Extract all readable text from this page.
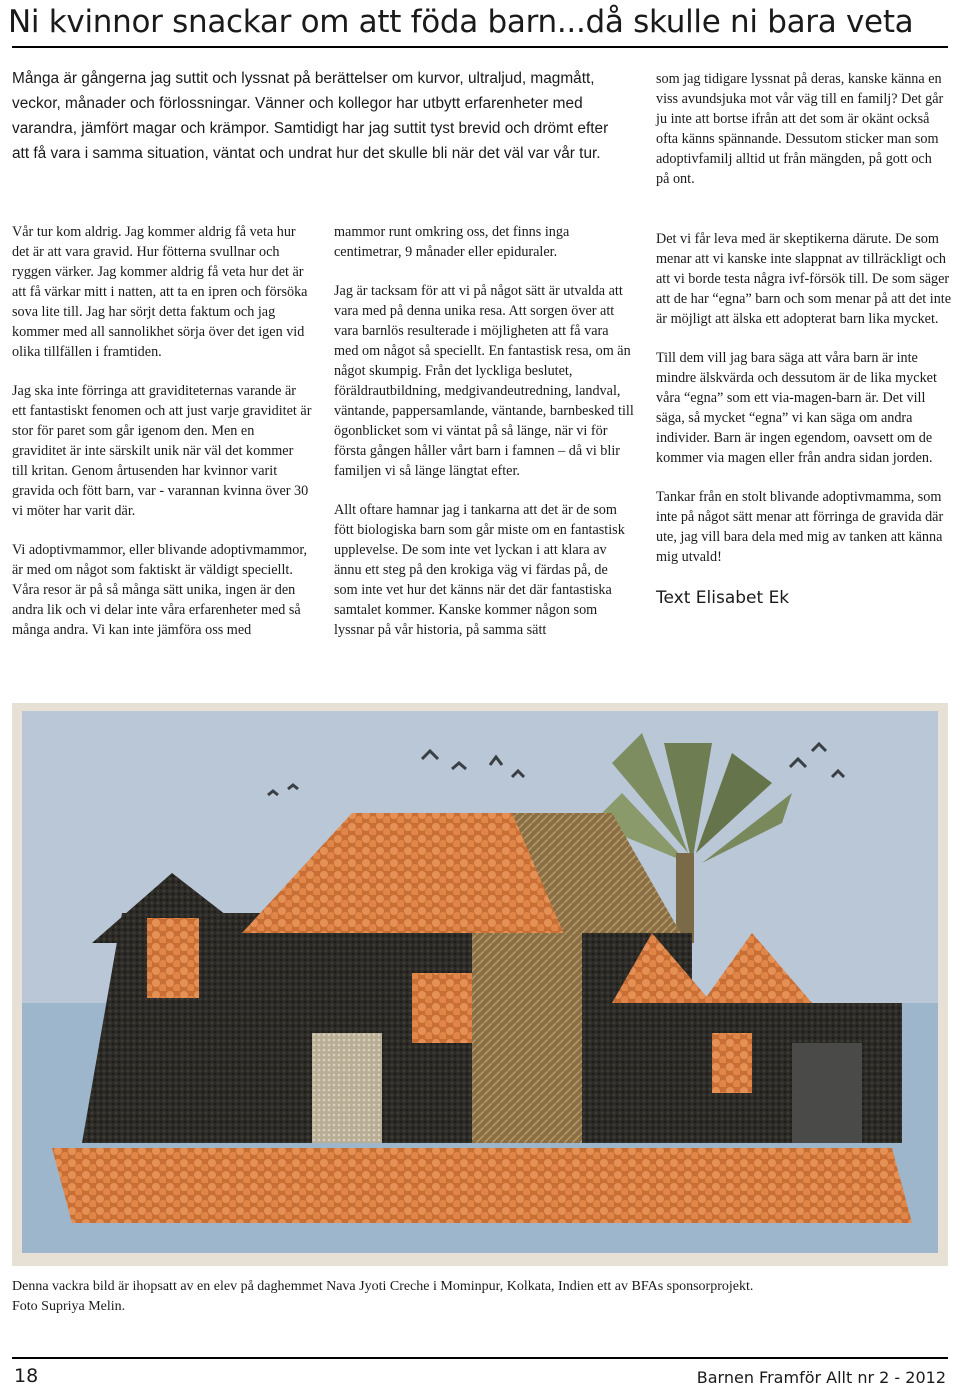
Ni kvinnor snackar om att föda barn...då skulle ni bara veta

Många är gångerna jag suttit och lyssnat på berättelser om kurvor, ultraljud, magmått, veckor, månader och förlossningar. Vänner och kollegor har utbytt erfarenheter med varandra, jämfört magar och krämpor. Samtidigt har jag suttit tyst brevid och drömt efter att få vara i samma situation, väntat och undrat hur det skulle bli när det väl var vår tur.

Vår tur kom aldrig. Jag kommer aldrig få veta hur det är att vara gravid. Hur fötterna svullnar och ryggen värker. Jag kommer aldrig få veta hur det är att få värkar mitt i natten, att ta en ipren och försöka sova lite till. Jag har sörjt detta faktum och jag kommer med all sannolikhet sörja över det igen vid olika tillfällen i framtiden.

Jag ska inte förringa att graviditeternas varande är ett fantastiskt fenomen och att just varje graviditet är stor för paret som går igenom den. Men en graviditet är inte särskilt unik när väl det kommer till kritan. Genom årtusenden har kvinnor varit gravida och fött barn, var - varannan kvinna över 30 vi möter har varit där.

Vi adoptivmammor, eller blivande adoptivmammor, är med om något som faktiskt är väldigt speciellt. Våra resor är på så många sätt unika, ingen är den andra lik och vi delar inte våra erfarenheter med så många andra. Vi kan inte jämföra oss med

mammor runt omkring oss, det finns inga centimetrar, 9 månader eller epiduraler.

Jag är tacksam för att vi på något sätt är utvalda att vara med på denna unika resa. Att sorgen över att vara barnlös resulterade i möjligheten att få vara med om något så speciellt. En fantastisk resa, om än något skumpig. Från det lyckliga beslutet, föräldrautbildning, medgivandeutredning, landval, väntande, pappersamlande, väntande, barnbesked till ögonblicket som vi väntat på så länge, när vi för första gången håller vårt barn i famnen – då vi blir familjen vi så länge längtat efter.

Allt oftare hamnar jag i tankarna att det är de som fött biologiska barn som går miste om en fantastisk upplevelse. De som inte vet lyckan i att klara av ännu ett steg på den krokiga väg vi färdas på, de som inte vet hur det känns när det där fantastiska samtalet kommer. Kanske kommer någon som lyssnar på vår historia, på samma sätt

som jag tidigare lyssnat på deras, kanske känna en viss avundsjuka mot vår väg till en familj? Det går ju inte att bortse ifrån att det som är okänt också ofta känns spännande. Dessutom sticker man som adoptivfamilj alltid ut från mängden, på gott och på ont.

Det vi får leva med är skeptikerna därute. De som menar att vi kanske inte slappnat av tillräckligt och att vi borde testa några ivf-försök till. De som säger att de har “egna” barn och som menar på att det inte är möjligt att älska ett adopterat barn lika mycket.

Till dem vill jag bara säga att våra barn är inte mindre älskvärda och dessutom är de lika mycket våra “egna” som ett via-magen-barn är. Det vill säga, så mycket “egna” vi kan säga om andra individer. Barn är ingen egendom, oavsett om de kommer via magen eller från andra sidan jorden.

Tankar från en stolt blivande adoptivmamma, som inte på något sätt menar att förringa de gravida där ute, jag vill bara dela med mig av tanken att känna mig utvald!

Text Elisabet Ek

Denna vackra bild är ihopsatt av en elev på daghemmet Nava Jyoti Creche i Mominpur, Kolkata, Indien ett av BFAs sponsorprojekt.
Foto Supriya Melin.

18	Barnen Framför Allt nr 2 - 2012
